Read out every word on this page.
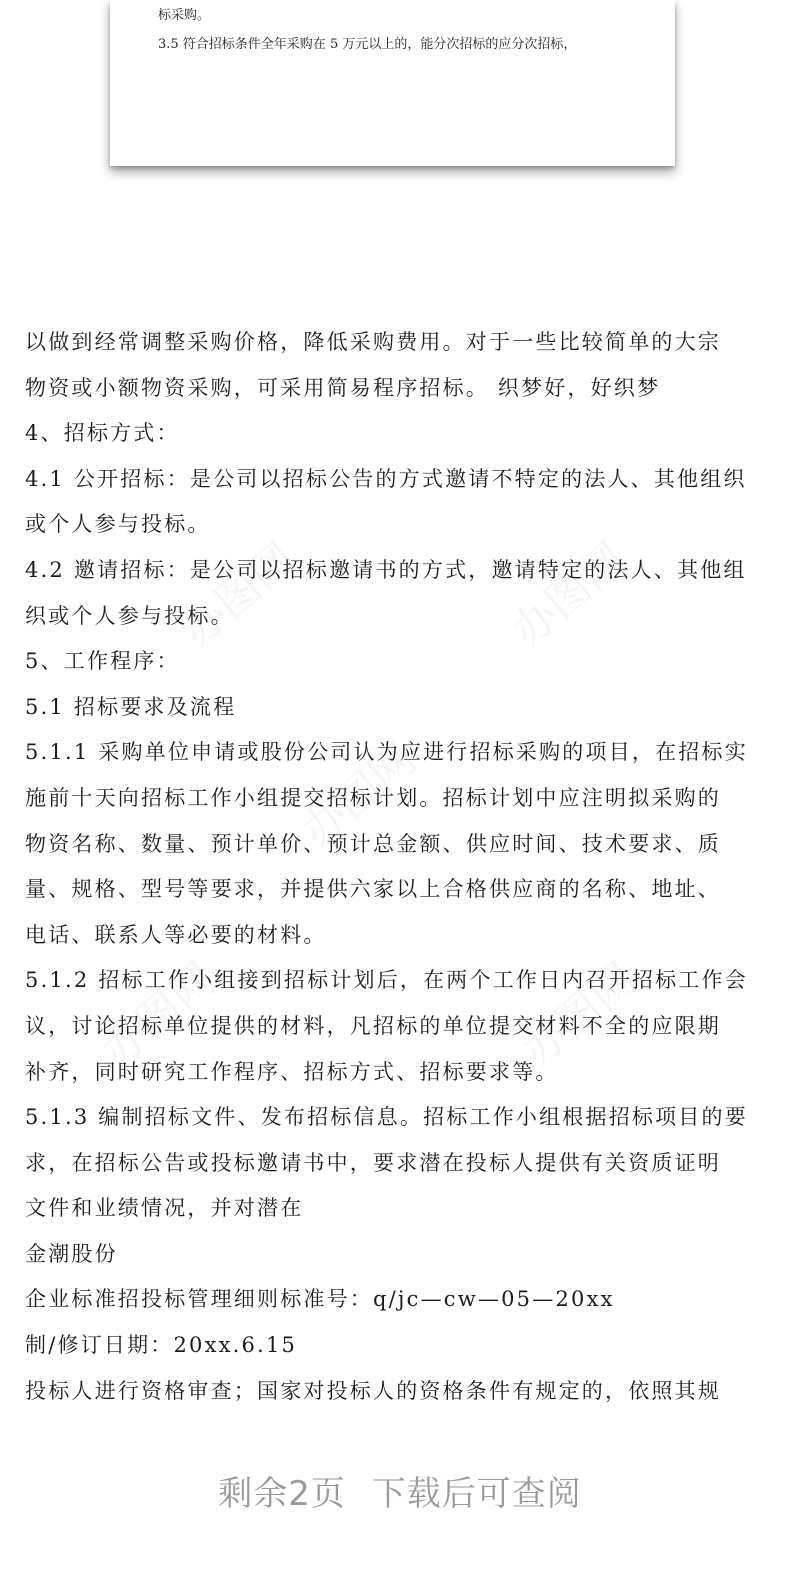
标采购。
3.5 符合招标条件全年采购在 5 万元以上的，能分次招标的应分次招标，
以做到经常调整采购价格，降低采购费用。对于一些比较简单的大宗
物资或小额物资采购，可采用简易程序招标。 织梦好，好织梦
4、招标方式：
4.1 公开招标：是公司以招标公告的方式邀请不特定的法人、其他组织
或个人参与投标。
4.2 邀请招标：是公司以招标邀请书的方式，邀请特定的法人、其他组
织或个人参与投标。
5、工作程序：
5.1 招标要求及流程
5.1.1 采购单位申请或股份公司认为应进行招标采购的项目，在招标实
施前十天向招标工作小组提交招标计划。招标计划中应注明拟采购的
物资名称、数量、预计单价、预计总金额、供应时间、技术要求、质
量、规格、型号等要求，并提供六家以上合格供应商的名称、地址、
电话、联系人等必要的材料。
5.1.2 招标工作小组接到招标计划后，在两个工作日内召开招标工作会
议，讨论招标单位提供的材料，凡招标的单位提交材料不全的应限期
补齐，同时研究工作程序、招标方式、招标要求等。
5.1.3 编制招标文件、发布招标信息。招标工作小组根据招标项目的要
求，在招标公告或投标邀请书中，要求潜在投标人提供有关资质证明
文件和业绩情况，并对潜在
金潮股份
企业标准招投标管理细则标准号：q/jc—cw—05—20xx
制/修订日期：20xx.6.15
投标人进行资格审查；国家对投标人的资格条件有规定的，依照其规
剩余2页 下载后可查阅
